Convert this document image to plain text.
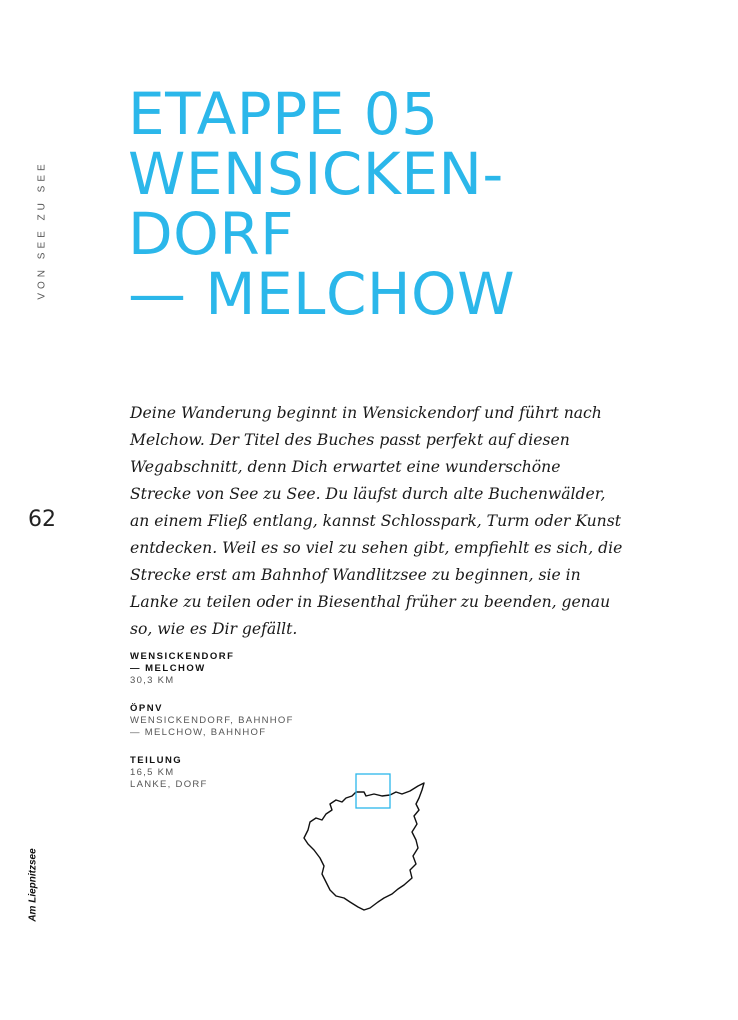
VON SEE ZU SEE
62
Am Liepnitzsee
ETAPPE 05
WENSICKEN-
DORF
— MELCHOW

Deine Wanderung beginnt in Wensickendorf und führt nach Melchow. Der Titel des Buches passt perfekt auf diesen Wegabschnitt, denn Dich erwartet eine wunderschöne Strecke von See zu See. Du läufst durch alte Buchenwälder, an einem Fließ entlang, kannst Schlosspark, Turm oder Kunst entdecken. Weil es so viel zu sehen gibt, empfiehlt es sich, die Strecke erst am Bahnhof Wandlitzsee zu beginnen, sie in Lanke zu teilen oder in Biesenthal früher zu beenden, genau so, wie es Dir gefällt.

WENSICKENDORF
— MELCHOW
30,3 KM
ÖPNV
WENSICKENDORF, BAHNHOF
— MELCHOW, BAHNHOF
TEILUNG
16,5 KM
LANKE, DORF
